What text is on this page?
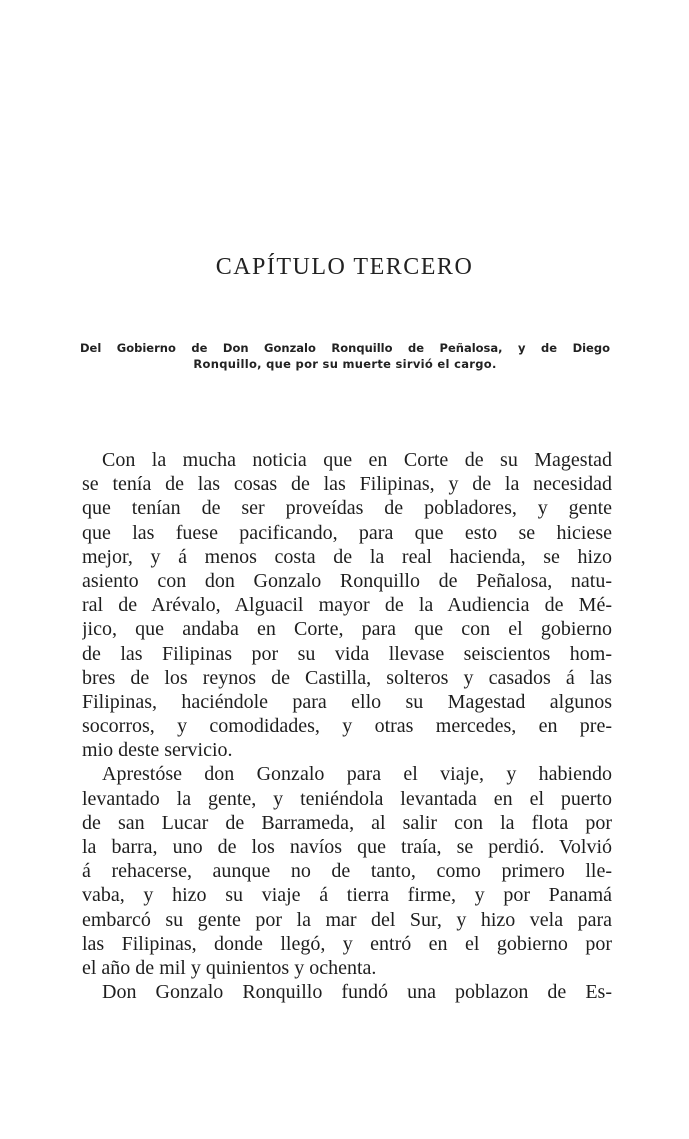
CAPÍTULO TERCERO
Del Gobierno de Don Gonzalo Ronquillo de Peñalosa, y de Diego
Ronquillo, que por su muerte sirvió el cargo.
Con la mucha noticia que en Corte de su Magestad
se tenía de las cosas de las Filipinas, y de la necesidad
que tenían de ser proveídas de pobladores, y gente
que las fuese pacificando, para que esto se hiciese
mejor, y á menos costa de la real hacienda, se hizo
asiento con don Gonzalo Ronquillo de Peñalosa, natu-
ral de Arévalo, Alguacil mayor de la Audiencia de Mé-
jico, que andaba en Corte, para que con el gobierno
de las Filipinas por su vida llevase seiscientos hom-
bres de los reynos de Castilla, solteros y casados á las
Filipinas, haciéndole para ello su Magestad algunos
socorros, y comodidades, y otras mercedes, en pre-
mio deste servicio.
Aprestóse don Gonzalo para el viaje, y habiendo
levantado la gente, y teniéndola levantada en el puerto
de san Lucar de Barrameda, al salir con la flota por
la barra, uno de los navíos que traía, se perdió. Volvió
á rehacerse, aunque no de tanto, como primero lle-
vaba, y hizo su viaje á tierra firme, y por Panamá
embarcó su gente por la mar del Sur, y hizo vela para
las Filipinas, donde llegó, y entró en el gobierno por
el año de mil y quinientos y ochenta.
Don Gonzalo Ronquillo fundó una poblazon de Es-
